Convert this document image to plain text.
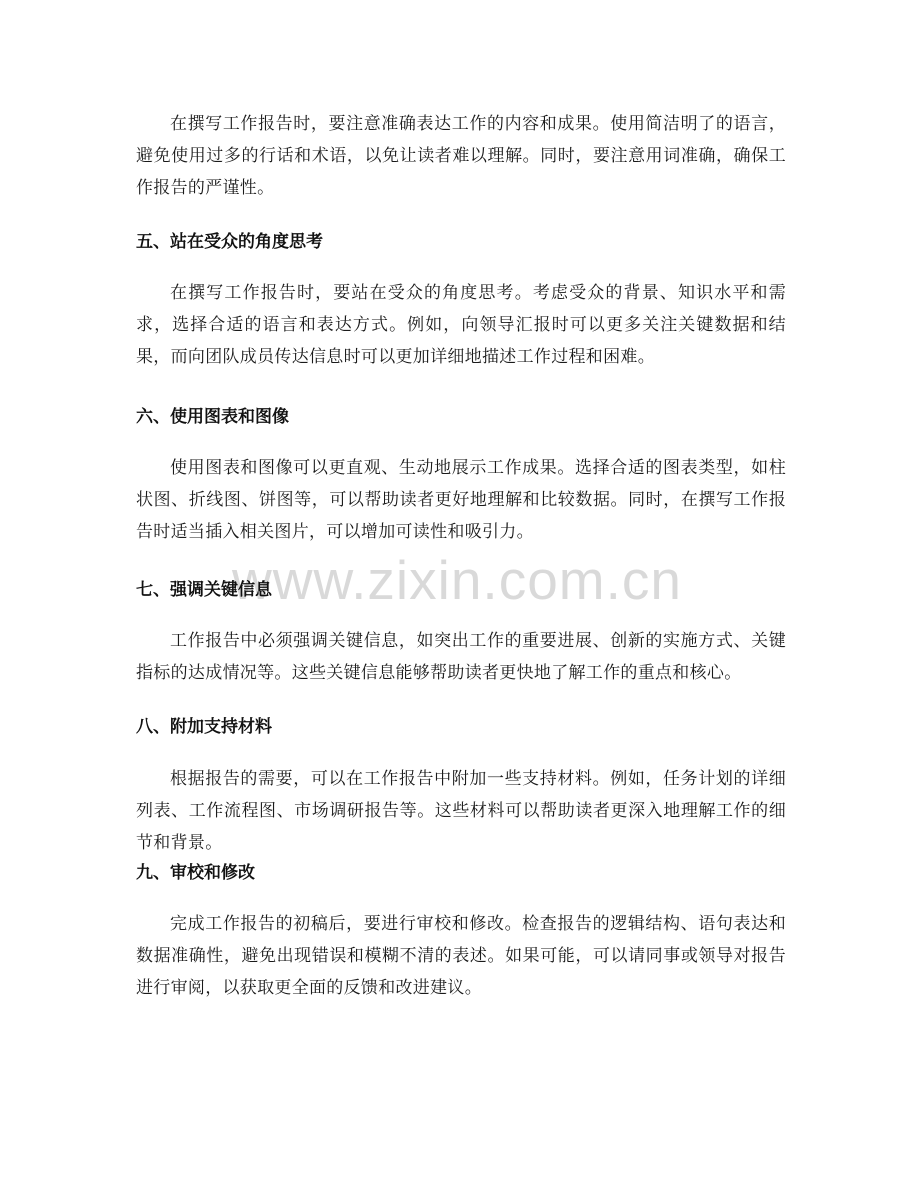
www.zixin.com.cn

在撰写工作报告时，要注意准确表达工作的内容和成果。使用简洁明了的语言，避免使用过多的行话和术语，以免让读者难以理解。同时，要注意用词准确，确保工作报告的严谨性。

五、站在受众的角度思考

在撰写工作报告时，要站在受众的角度思考。考虑受众的背景、知识水平和需求，选择合适的语言和表达方式。例如，向领导汇报时可以更多关注关键数据和结果，而向团队成员传达信息时可以更加详细地描述工作过程和困难。

六、使用图表和图像

使用图表和图像可以更直观、生动地展示工作成果。选择合适的图表类型，如柱状图、折线图、饼图等，可以帮助读者更好地理解和比较数据。同时，在撰写工作报告时适当插入相关图片，可以增加可读性和吸引力。

七、强调关键信息

工作报告中必须强调关键信息，如突出工作的重要进展、创新的实施方式、关键指标的达成情况等。这些关键信息能够帮助读者更快地了解工作的重点和核心。

八、附加支持材料

根据报告的需要，可以在工作报告中附加一些支持材料。例如，任务计划的详细列表、工作流程图、市场调研报告等。这些材料可以帮助读者更深入地理解工作的细节和背景。

九、审校和修改

完成工作报告的初稿后，要进行审校和修改。检查报告的逻辑结构、语句表达和数据准确性，避免出现错误和模糊不清的表述。如果可能，可以请同事或领导对报告进行审阅，以获取更全面的反馈和改进建议。
